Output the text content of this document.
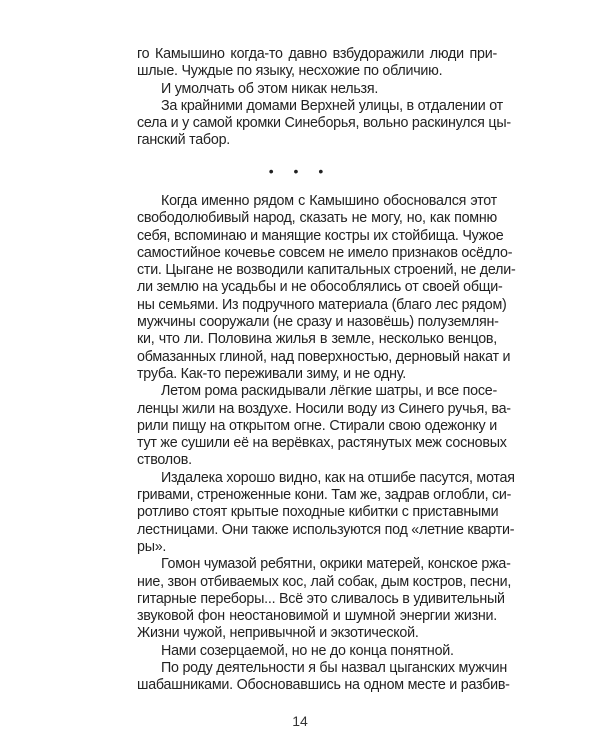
го Камышино когда-то давно взбудоражили люди при-
шлые. Чуждые по языку, несхожие по обличию.
И умолчать об этом никак нельзя.
За крайними домами Верхней улицы, в отдалении от
села и у самой кромки Синеборья, вольно раскинулся цы-
ганский табор.
• • •
Когда именно рядом с Камышино обосновался этот
свободолюбивый народ, сказать не могу, но, как помню
себя, вспоминаю и манящие костры их стойбища. Чужое
самостийное кочевье совсем не имело признаков осёдло-
сти. Цыгане не возводили капитальных строений, не дели-
ли землю на усадьбы и не обособлялись от своей общи-
ны семьями. Из подручного материала (благо лес рядом)
мужчины сооружали (не сразу и назовёшь) полуземлян-
ки, что ли. Половина жилья в земле, несколько венцов,
обмазанных глиной, над поверхностью, дерновый накат и
труба. Как-то переживали зиму, и не одну.
Летом рома раскидывали лёгкие шатры, и все посе-
ленцы жили на воздухе. Носили воду из Синего ручья, ва-
рили пищу на открытом огне. Стирали свою одежонку и
тут же сушили её на верёвках, растянутых меж сосновых
стволов.
Издалека хорошо видно, как на отшибе пасутся, мотая
гривами, стреноженные кони. Там же, задрав оглобли, си-
ротливо стоят крытые походные кибитки с приставными
лестницами. Они также используются под «летние кварти-
ры».
Гомон чумазой ребятни, окрики матерей, конское ржа-
ние, звон отбиваемых кос, лай собак, дым костров, песни,
гитарные переборы... Всё это сливалось в удивительный
звуковой фон неостановимой и шумной энергии жизни.
Жизни чужой, непривычной и экзотической.
Нами созерцаемой, но не до конца понятной.
По роду деятельности я бы назвал цыганских мужчин
шабашниками. Обосновавшись на одном месте и разбив-
14
